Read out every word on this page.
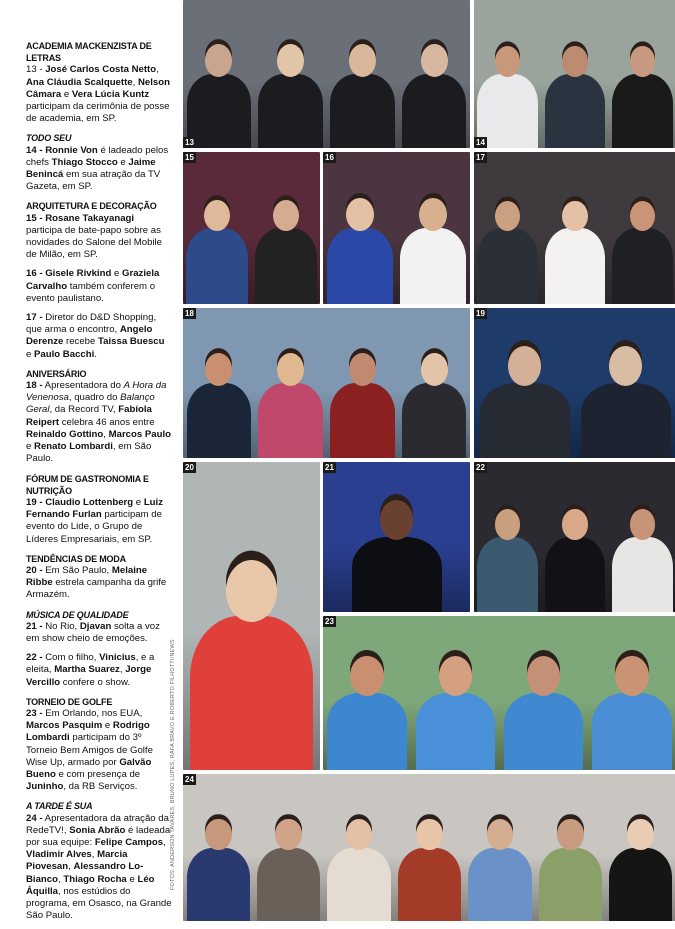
ACADEMIA MACKENZISTA DE LETRAS

13 - José Carlos Costa Netto, Ana Cláudia Scalquette, Nelson Câmara e Vera Lúcia Kuntz participam da cerimônia de posse de academia, em SP.

TODO SEU

14 - Ronnie Von é ladeado pelos chefs Thiago Stocco e Jaime Benincá em sua atração da TV Gazeta, em SP.

ARQUITETURA E DECORAÇÃO

15 - Rosane Takayanagi participa de bate-papo sobre as novidades do Salone del Mobile de Milão, em SP.

16 - Gisele Rivkind e Graziela Carvalho também conferem o evento paulistano.

17 - Diretor do D&D Shopping, que arma o encontro, Angelo Derenze recebe Taissa Buescu e Paulo Bacchi.

ANIVERSÁRIO

18 - Apresentadora do A Hora da Venenosa, quadro do Balanço Geral, da Record TV, Fabíola Reipert celebra 46 anos entre Reinaldo Gottino, Marcos Paulo e Renato Lombardi, em São Paulo.

FÓRUM DE GASTRONOMIA E NUTRIÇÃO

19 - Claudio Lottenberg e Luiz Fernando Furlan participam de evento do Lide, o Grupo de Líderes Empresariais, em SP.

TENDÊNCIAS DE MODA

20 - Em São Paulo, Melaine Ribbe estrela campanha da grife Armazém.

MÚSICA DE QUALIDADE

21 - No Rio, Djavan solta a voz em show cheio de emoções.

22 - Com o filho, Vinicius, e a eleita, Martha Suarez, Jorge Vercillo confere o show.

TORNEIO DE GOLFE

23 - Em Orlando, nos EUA, Marcos Pasquim e Rodrigo Lombardi participam do 3º Torneio Bem Amigos de Golfe Wise Up, armado por Galvão Bueno e com presença de Juninho, da RB Serviços.

A TARDE É SUA

24 - Apresentadora da atração da RedeTV!, Sonia Abrão é ladeada por sua equipe: Felipe Campos, Vladimir Alves, Marcia Piovesan, Alessandro Lo-Bianco, Thiago Rocha e Léo Áquilla, nos estúdios do programa, em Osasco, na Grande São Paulo.

13	14
15	16	17
18	19
20	21	22
23
24
FOTOS: ANDERSON TAVARES, BRUNO LUPES, RAFA BRAVO E ROBERTO FILHOTTI/NEWS
